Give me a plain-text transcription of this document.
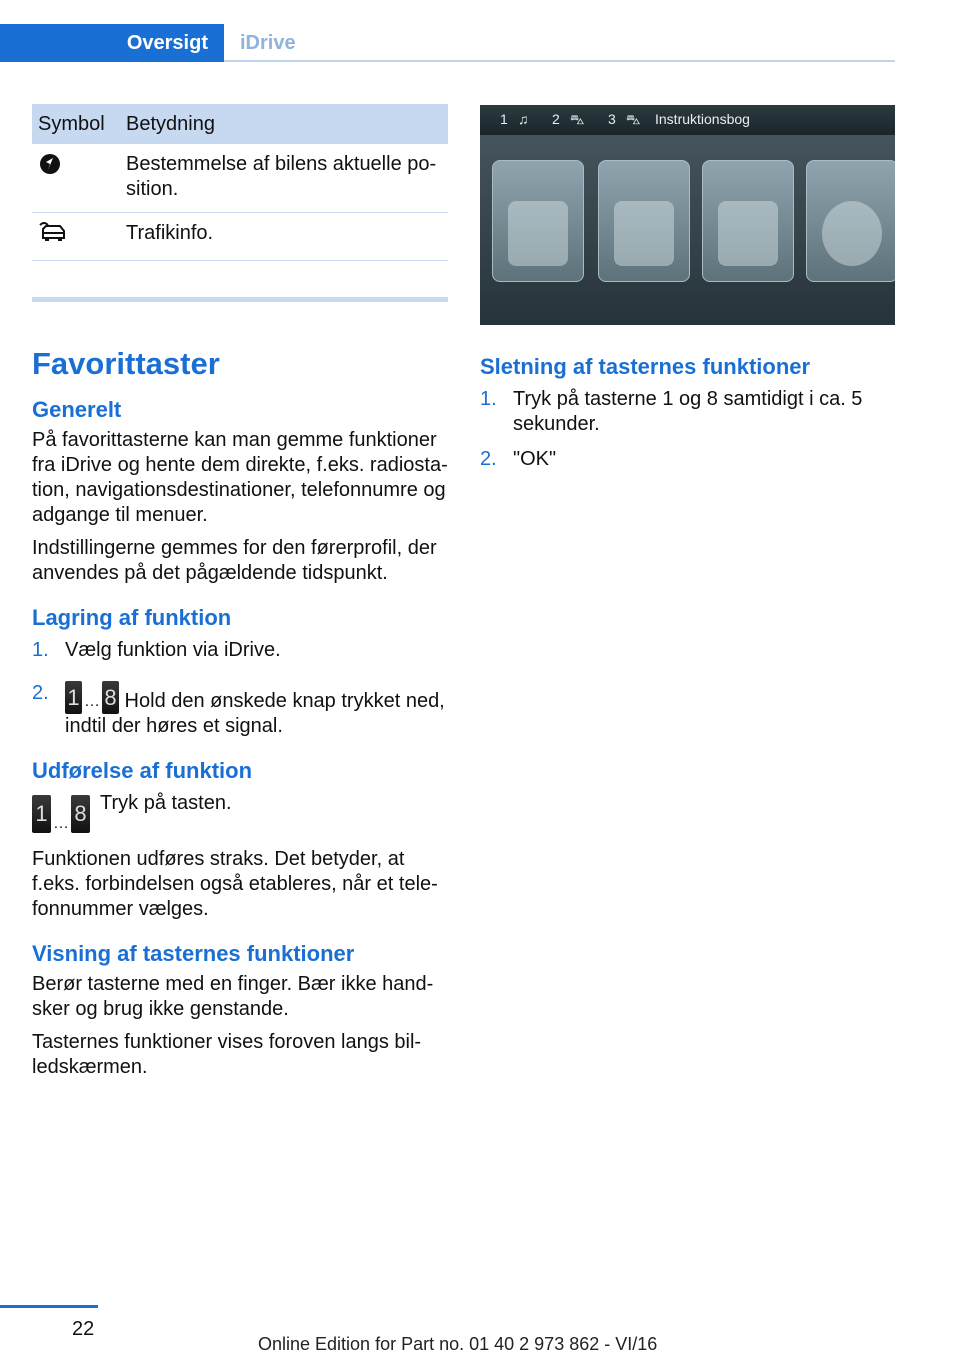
Oversigt	iDrive
Symbol	Betydning
	Bestemmelse af bilens aktuelle position.
	Trafikinfo.
Favorittaster
Generelt

På favorittasterne kan man gemme funktioner fra iDrive og hente dem direkte, f.eks. radiostation, navigationsdestinationer, telefonnumre og adgange til menuer.

Indstillingerne gemmes for den førerprofil, der anvendes på det pågældende tidspunkt.

Lagring af funktion
1. Vælg funktion via iDrive.
2. 1 … 8 Hold den ønskede knap trykket ned, indtil der høres et signal.
Udførelse af funktion
1 … 8 Tryk på tasten.

Funktionen udføres straks. Det betyder, at f.eks. forbindelsen også etableres, når et telefonnummer vælges.

Visning af tasternes funktioner

Berør tasterne med en finger. Bær ikke handsker og brug ikke genstande.

Tasternes funktioner vises foroven langs billedskærmen.

1 ♫ 2 ⛍ 3 ⛍ Instruktionsbog
Sletning af tasternes funktioner
1. Tryk på tasterne 1 og 8 samtidigt i ca. 5 sekunder.
2. "OK"
22
Online Edition for Part no. 01 40 2 973 862 - VI/16
